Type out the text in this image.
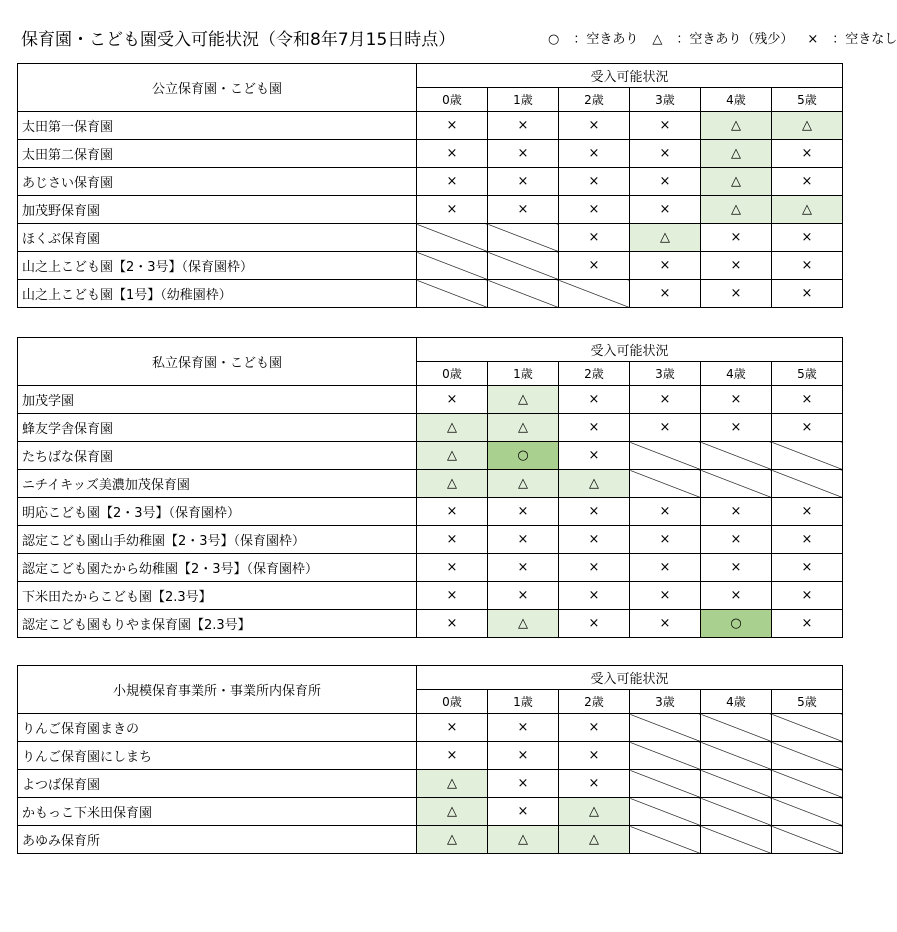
保育園・こども園受入可能状況（令和8年7月15日時点）	○ ：空きあり △ ：空きあり（残少） × ：空きなし
公立保育園・こども園	受入可能状況					
	0歳	1歳	2歳	3歳	4歳	5歳
太田第一保育園	×	×	×	×	△	△
太田第二保育園	×	×	×	×	△	×
あじさい保育園	×	×	×	×	△	×
加茂野保育園	×	×	×	×	△	△
ほくぶ保育園			×	△	×	×
山之上こども園【2・3号】（保育園枠）			×	×	×	×
山之上こども園【1号】（幼稚園枠）				×	×	×
私立保育園・こども園	受入可能状況					
	0歳	1歳	2歳	3歳	4歳	5歳
加茂学園	×	△	×	×	×	×
蜂友学舎保育園	△	△	×	×	×	×
たちばな保育園	△	○	×			
ニチイキッズ美濃加茂保育園	△	△	△			
明応こども園【2・3号】（保育園枠）	×	×	×	×	×	×
認定こども園山手幼稚園【2・3号】（保育園枠）	×	×	×	×	×	×
認定こども園たから幼稚園【2・3号】（保育園枠）	×	×	×	×	×	×
下米田たからこども園【2.3号】	×	×	×	×	×	×
認定こども園もりやま保育園【2.3号】	×	△	×	×	○	×
小規模保育事業所・事業所内保育所	受入可能状況					
	0歳	1歳	2歳	3歳	4歳	5歳
りんご保育園まきの	×	×	×			
りんご保育園にしまち	×	×	×			
よつば保育園	△	×	×			
かもっこ下米田保育園	△	×	△			
あゆみ保育所	△	△	△			
